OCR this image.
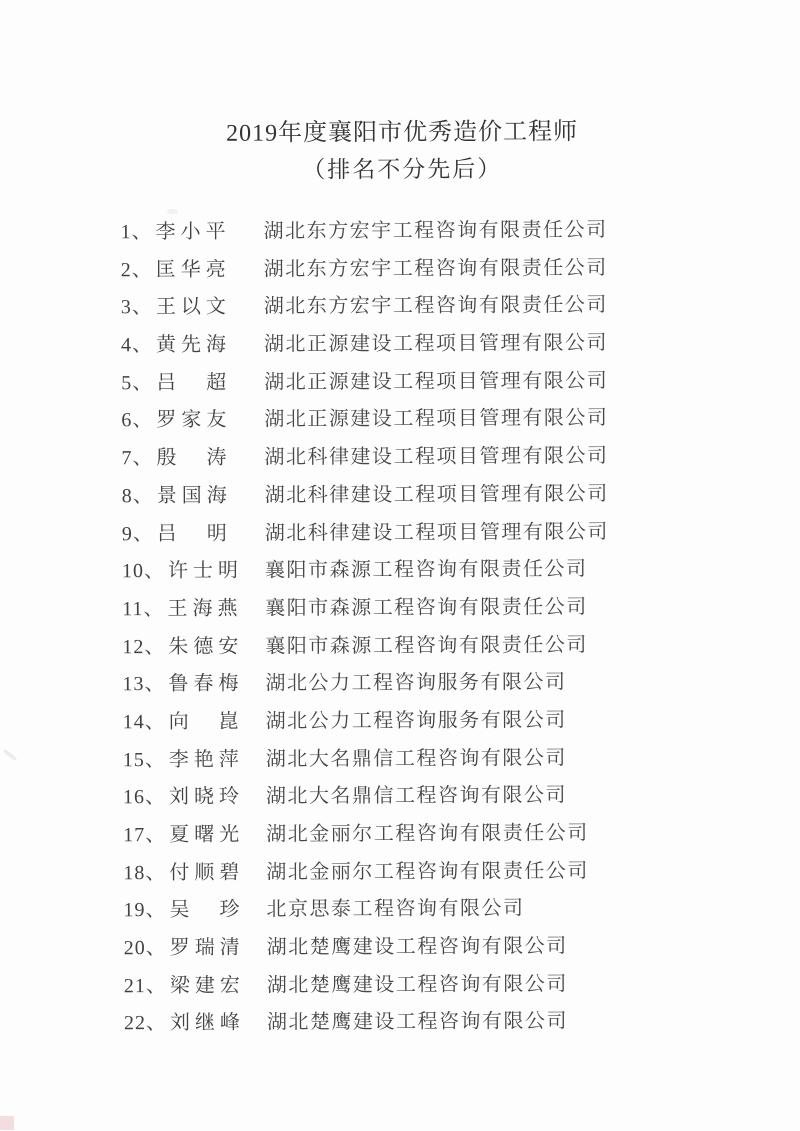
2019年度襄阳市优秀造价工程师
（排名不分先后）
1、 李小平 湖北东方宏宇工程咨询有限责任公司
2、 匡华亮 湖北东方宏宇工程咨询有限责任公司
3、 王以文 湖北东方宏宇工程咨询有限责任公司
4、 黄先海 湖北正源建设工程项目管理有限公司
5、 吕　超 湖北正源建设工程项目管理有限公司
6、 罗家友 湖北正源建设工程项目管理有限公司
7、 殷　涛 湖北科律建设工程项目管理有限公司
8、 景国海 湖北科律建设工程项目管理有限公司
9、 吕　明 湖北科律建设工程项目管理有限公司
10、 许士明 襄阳市森源工程咨询有限责任公司
11、 王海燕 襄阳市森源工程咨询有限责任公司
12、 朱德安 襄阳市森源工程咨询有限责任公司
13、 鲁春梅 湖北公力工程咨询服务有限公司
14、 向　崑 湖北公力工程咨询服务有限公司
15、 李艳萍 湖北大名鼎信工程咨询有限公司
16、 刘晓玲 湖北大名鼎信工程咨询有限公司
17、 夏曙光 湖北金丽尔工程咨询有限责任公司
18、 付顺碧 湖北金丽尔工程咨询有限责任公司
19、 吴　珍 北京思泰工程咨询有限公司
20、 罗瑞清 湖北楚鹰建设工程咨询有限公司
21、 梁建宏 湖北楚鹰建设工程咨询有限公司
22、 刘继峰 湖北楚鹰建设工程咨询有限公司
